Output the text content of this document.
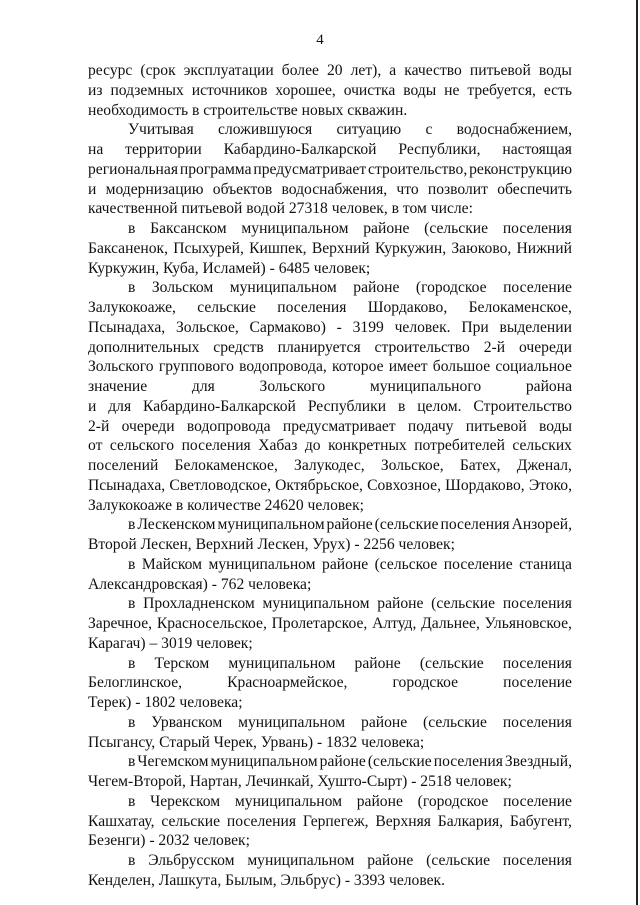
4
ресурс (срок эксплуатации более 20 лет), а качество питьевой воды
из подземных источников хорошее, очистка воды не требуется, есть
необходимость в строительстве новых скважин.
Учитывая сложившуюся ситуацию с водоснабжением,
на территории Кабардино-Балкарской Республики, настоящая
региональная программа предусматривает строительство, реконструкцию
и модернизацию объектов водоснабжения, что позволит обеспечить
качественной питьевой водой 27318 человек, в том числе:
в Баксанском муниципальном районе (сельские поселения
Баксаненок, Псыхурей, Кишпек, Верхний Куркужин, Заюково, Нижний
Куркужин, Куба, Исламей) - 6485 человек;
в Зольском муниципальном районе (городское поселение
Залукокоаже, сельские поселения Шордаково, Белокаменское,
Псынадаха, Зольское, Сармаково) - 3199 человек. При выделении
дополнительных средств планируется строительство 2-й очереди
Зольского группового водопровода, которое имеет большое социальное
значение	для	Зольского	муниципального	района
и для Кабардино-Балкарской Республики в целом. Строительство
2-й очереди водопровода предусматривает подачу питьевой воды
от сельского поселения Хабаз до конкретных потребителей сельских
поселений Белокаменское, Залукодес, Зольское, Батех, Дженал,
Псынадаха, Светловодское, Октябрьское, Совхозное, Шордаково, Этоко,
Залукокоаже в количестве 24620 человек;
в Лескенском муниципальном районе (сельские поселения Анзорей,
Второй Лескен, Верхний Лескен, Урух) - 2256 человек;
в Майском муниципальном районе (сельское поселение станица
Александровская) - 762 человека;
в Прохладненском муниципальном районе (сельские поселения
Заречное, Красносельское, Пролетарское, Алтуд, Дальнее, Ульяновское,
Карагач) – 3019 человек;
в Терском муниципальном районе (сельские поселения
Белоглинское,	Красноармейское,	городское	поселение
Терек) - 1802 человека;
в Урванском муниципальном районе (сельские поселения
Псыгансу, Старый Черек, Урвань) - 1832 человека;
в Чегемском муниципальном районе (сельские поселения Звездный,
Чегем-Второй, Нартан, Лечинкай, Хушто-Сырт) - 2518 человек;
в Черекском муниципальном районе (городское поселение
Кашхатау, сельские поселения Герпегеж, Верхняя Балкария, Бабугент,
Безенги) - 2032 человек;
в Эльбрусском муниципальном районе (сельские поселения
Кенделен, Лашкута, Былым, Эльбрус) - 3393 человек.
